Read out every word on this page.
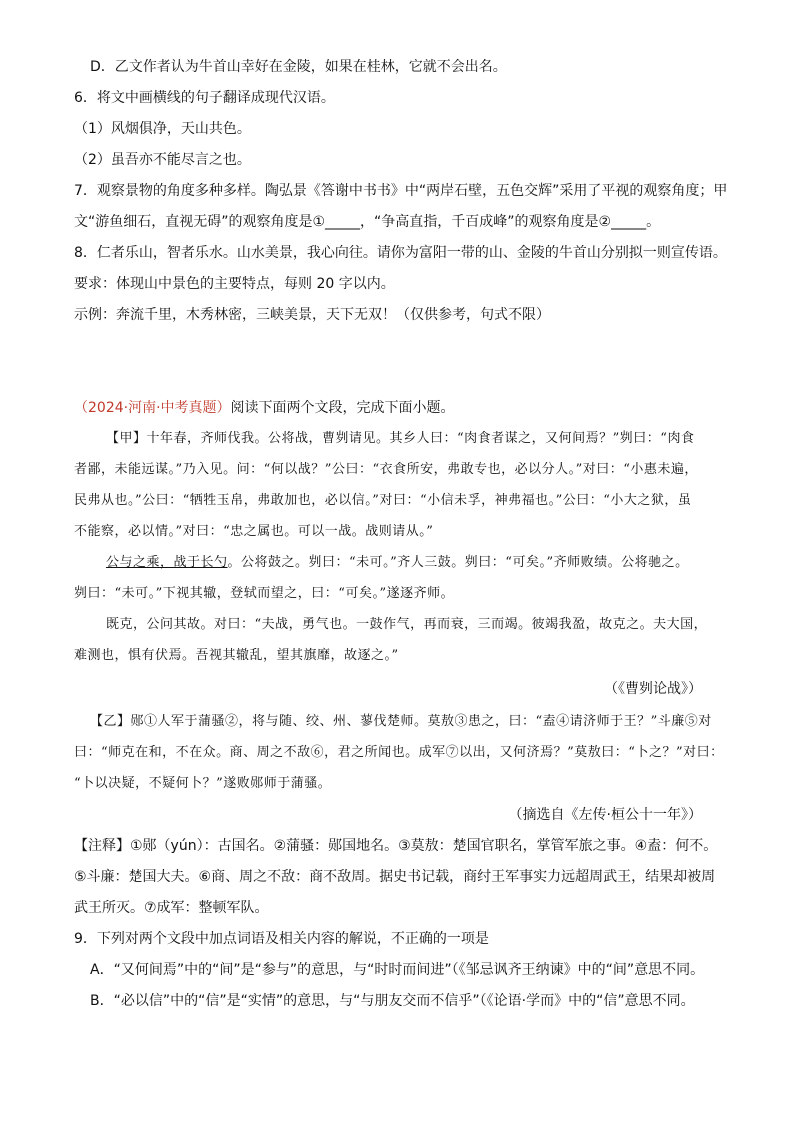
D．乙文作者认为牛首山幸好在金陵，如果在桂林，它就不会出名。
6．将文中画横线的句子翻译成现代汉语。
（1）风烟俱净，天山共色。
（2）虽吾亦不能尽言之也。
7．观察景物的角度多种多样。陶弘景《答谢中书书》中“两岸石壁，五色交辉”采用了平视的观察角度；甲
文“游鱼细石，直视无碍”的观察角度是①_____，“争高直指，千百成峰”的观察角度是②_____。
8．仁者乐山，智者乐水。山水美景，我心向往。请你为富阳一带的山、金陵的牛首山分别拟一则宣传语。
要求：体现山中景色的主要特点，每则 20 字以内。
示例：奔流千里，木秀林密，三峡美景，天下无双！（仅供参考，句式不限）
（2024·河南·中考真题）阅读下面两个文段，完成下面小题。
【甲】十年春，齐师伐我。公将战，曹刿请见。其乡人曰：“肉食者谋之，又何间焉？”刿曰：“肉食
者鄙，未能远谋。”乃入见。问：“何以战？”公曰：“衣食所安，弗敢专也，必以分人。”对曰：“小惠未遍，
民弗从也。”公曰：“牺牲玉帛，弗敢加也，必以信。”对曰：“小信未孚，神弗福也。”公曰：“小大之狱，虽
不能察，必以情。”对曰：“忠之属也。可以一战。战则请从。”
公与之乘，战于长勺。公将鼓之。刿曰：“未可。”齐人三鼓。刿曰：“可矣。”齐师败绩。公将驰之。
刿曰：“未可。”下视其辙，登轼而望之，曰：“可矣。”遂逐齐师。
既克，公问其故。对曰：“夫战，勇气也。一鼓作气，再而衰，三而竭。彼竭我盈，故克之。夫大国，
难测也，惧有伏焉。吾视其辙乱，望其旗靡，故逐之。”
（《曹刿论战》）
【乙】郧①人军于蒲骚②，将与随、绞、州、蓼伐楚师。莫敖③患之，曰：“盍④请济师于王？”斗廉⑤对
曰：“师克在和，不在众。商、周之不敌⑥，君之所闻也。成军⑦以出，又何济焉？”莫敖曰：“卜之？”对曰：
“卜以决疑，不疑何卜？”遂败郧师于蒲骚。
（摘选自《左传·桓公十一年》）
【注释】①郧（yún）：古国名。②蒲骚：郧国地名。③莫敖：楚国官职名，掌管军旅之事。④盍：何不。
⑤斗廉：楚国大夫。⑥商、周之不敌：商不敌周。据史书记载，商纣王军事实力远超周武王，结果却被周
武王所灭。⑦成军：整顿军队。
9．下列对两个文段中加点词语及相关内容的解说，不正确的一项是
A．“又何间焉”中的“间”是“参与”的意思，与“时时而间进”（《邹忌讽齐王纳谏》中的“间”意思不同。
B．“必以信”中的“信”是“实情”的意思，与“与朋友交而不信乎”（《论语·学而》中的“信”意思不同。
